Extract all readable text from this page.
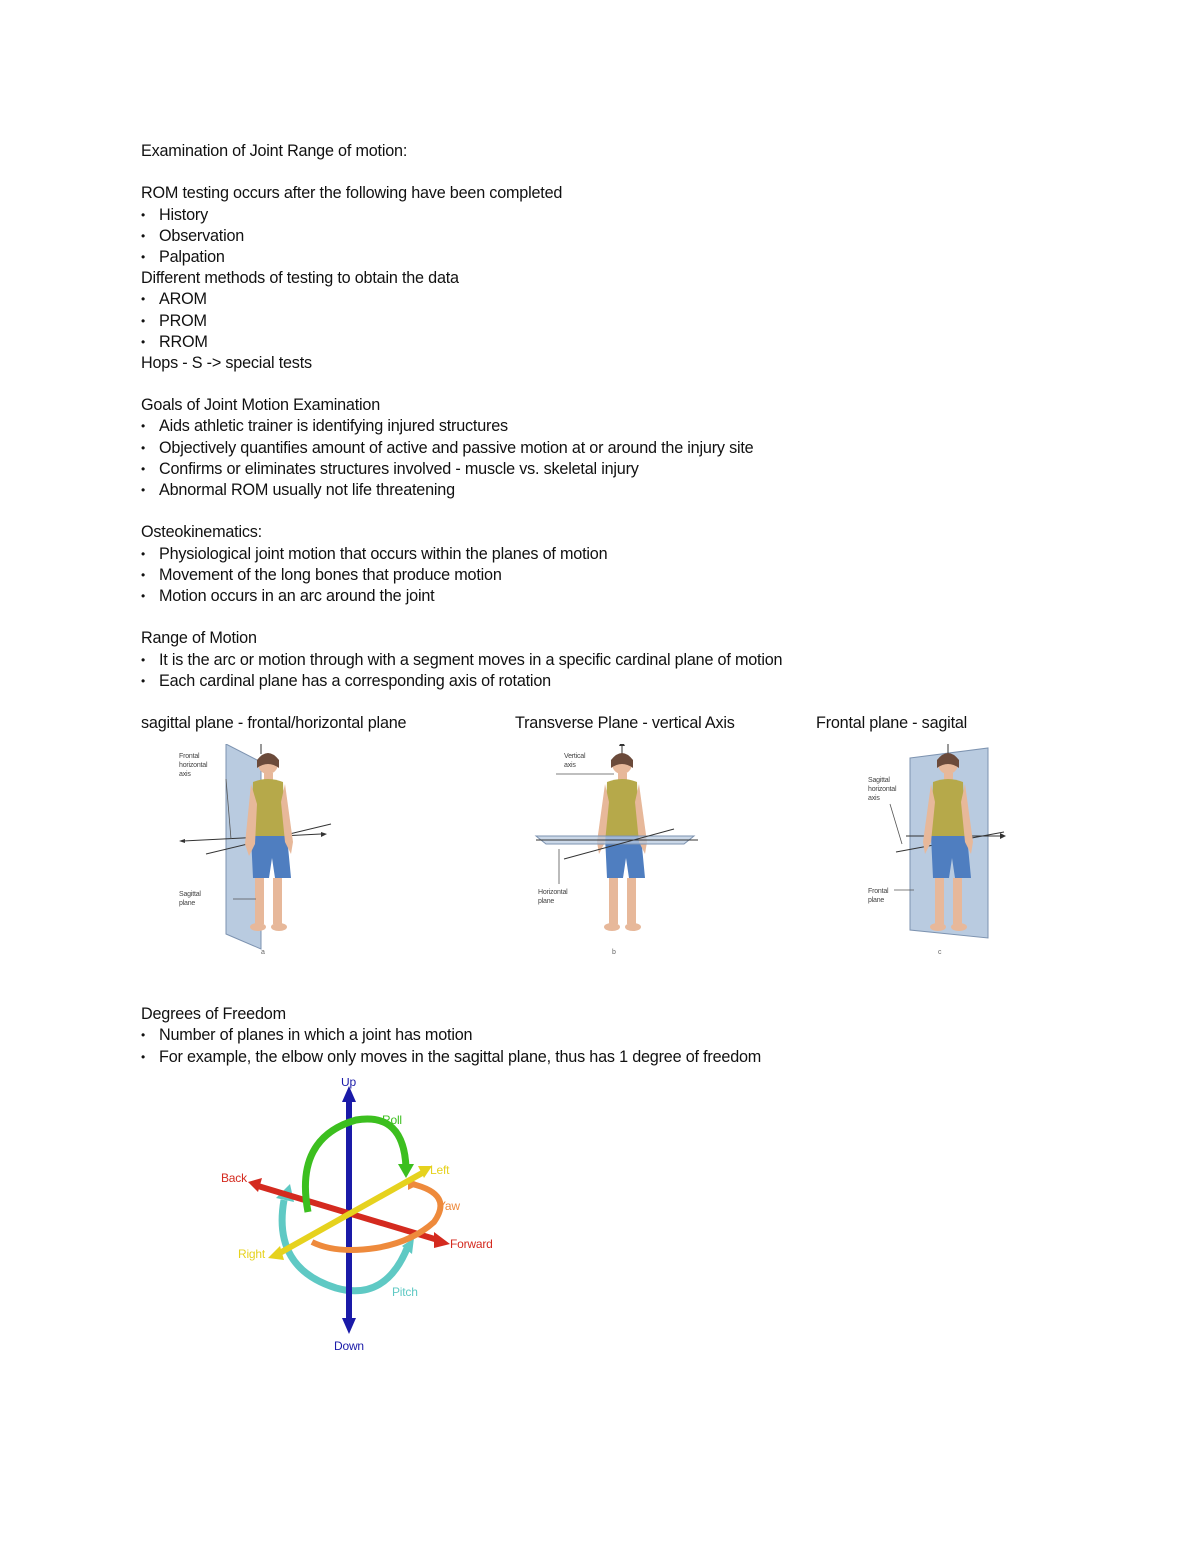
Examination of Joint Range of motion:
ROM testing occurs after the following have been completed
• History
• Observation
• Palpation
Different methods of testing to obtain the data
• AROM
• PROM
• RROM
Hops - S -> special tests
Goals of Joint Motion Examination
• Aids athletic trainer is identifying injured structures
• Objectively quantifies amount of active and passive motion at or around the injury site
• Confirms or eliminates structures involved - muscle vs. skeletal injury
• Abnormal ROM usually not life threatening
Osteokinematics:
• Physiological joint motion that occurs within the planes of motion
• Movement of the long bones that produce motion
• Motion occurs in an arc around the joint
Range of Motion
• It is the arc or motion through with a segment moves in a specific cardinal plane of motion
• Each cardinal plane has a corresponding axis of rotation
sagittal plane - frontal/horizontal plane	Transverse Plane - vertical Axis	Frontal plane - sagital
Frontal
horizontal
axis
Sagittal
plane
a
Vertical
axis
Horizontal
plane
b
Sagittal
horizontal
axis
Frontal
plane
c
Degrees of Freedom
• Number of planes in which a joint has motion
• For example, the elbow only moves in the sagittal plane, thus has 1 degree of freedom
Up
Down
Roll
Left
Back
Yaw
Forward
Right
Pitch
